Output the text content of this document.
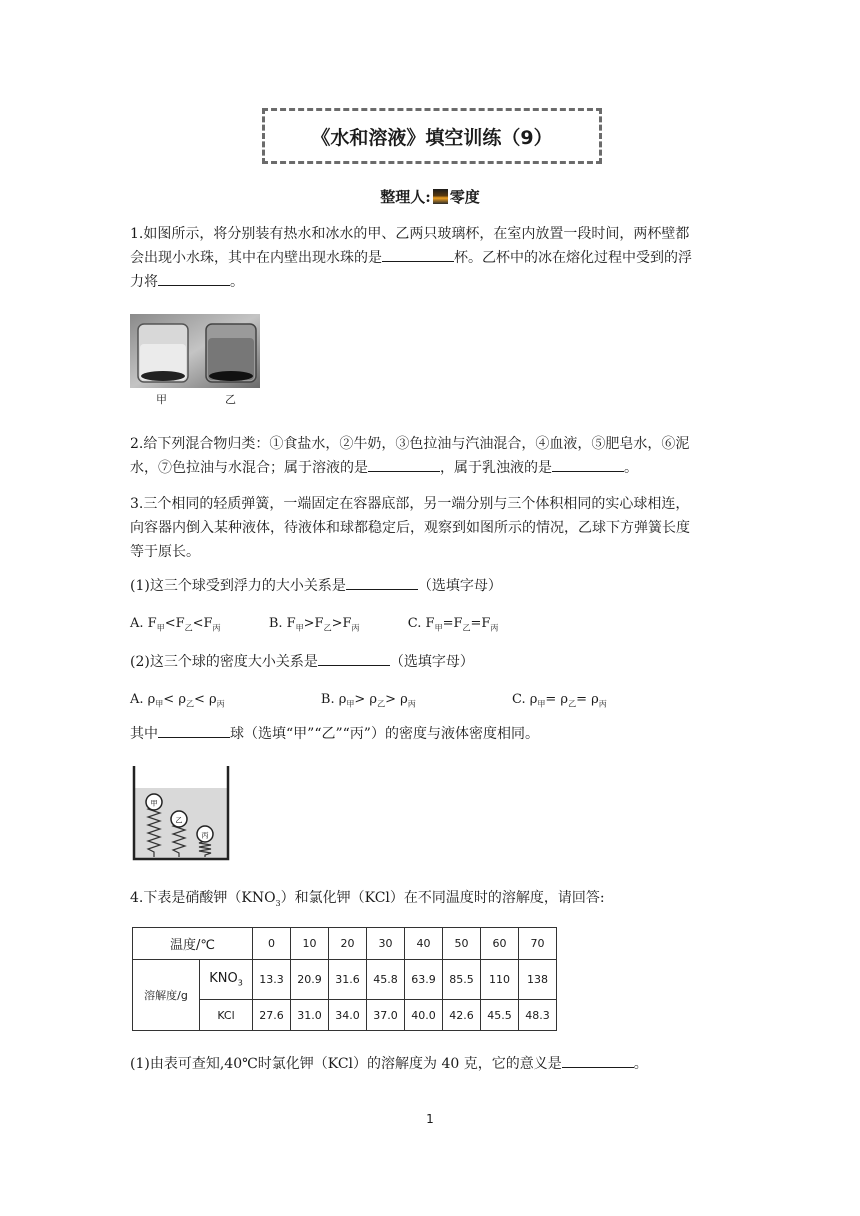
《水和溶液》填空训练（9）
整理人: 零度
1.如图所示，将分别装有热水和冰水的甲、乙两只玻璃杯，在室内放置一段时间，两杯壁都
会出现小水珠，其中在内壁出现水珠的是	杯。乙杯中的冰在熔化过程中受到的浮
力将	。
甲	乙
2.给下列混合物归类：①食盐水，②牛奶，③色拉油与汽油混合，④血液，⑤肥皂水，⑥泥
水，⑦色拉油与水混合；属于溶液的是	，属于乳浊液的是	。
3.三个相同的轻质弹簧，一端固定在容器底部，另一端分别与三个体积相同的实心球相连，
向容器内倒入某种液体，待液体和球都稳定后，观察到如图所示的情况，乙球下方弹簧长度
等于原长。
(1)这三个球受到浮力的大小关系是	（选填字母）
A. $F_甲<F_乙<F_丙$	B. $F_甲>F_乙>F_丙$	C. $F_甲=F_乙=F_丙$
(2)这三个球的密度大小关系是	（选填字母）
A. $\rho_甲< \rho_乙< \rho_丙$	B. $\rho_甲> \rho_乙> \rho_丙$	C. $\rho_甲= \rho_乙= \rho_丙$
其中	球（选填“甲”“乙”“丙”）的密度与液体密度相同。
甲
乙
丙
4.下表是硝酸钾$(KNO_3)$和氯化钾（KCl）在不同温度时的溶解度，请回答:
温度/℃		0	10	20	30	40	50	60	70
溶解度/g	$KNO_3$	13.3	20.9	31.6	45.8	63.9	85.5	110	138
	KCl	27.6	31.0	34.0	37.0	40.0	42.6	45.5	48.3
(1)由表可查知,40℃时氯化钾（KCl）的溶解度为 40 克，它的意义是	。
1
